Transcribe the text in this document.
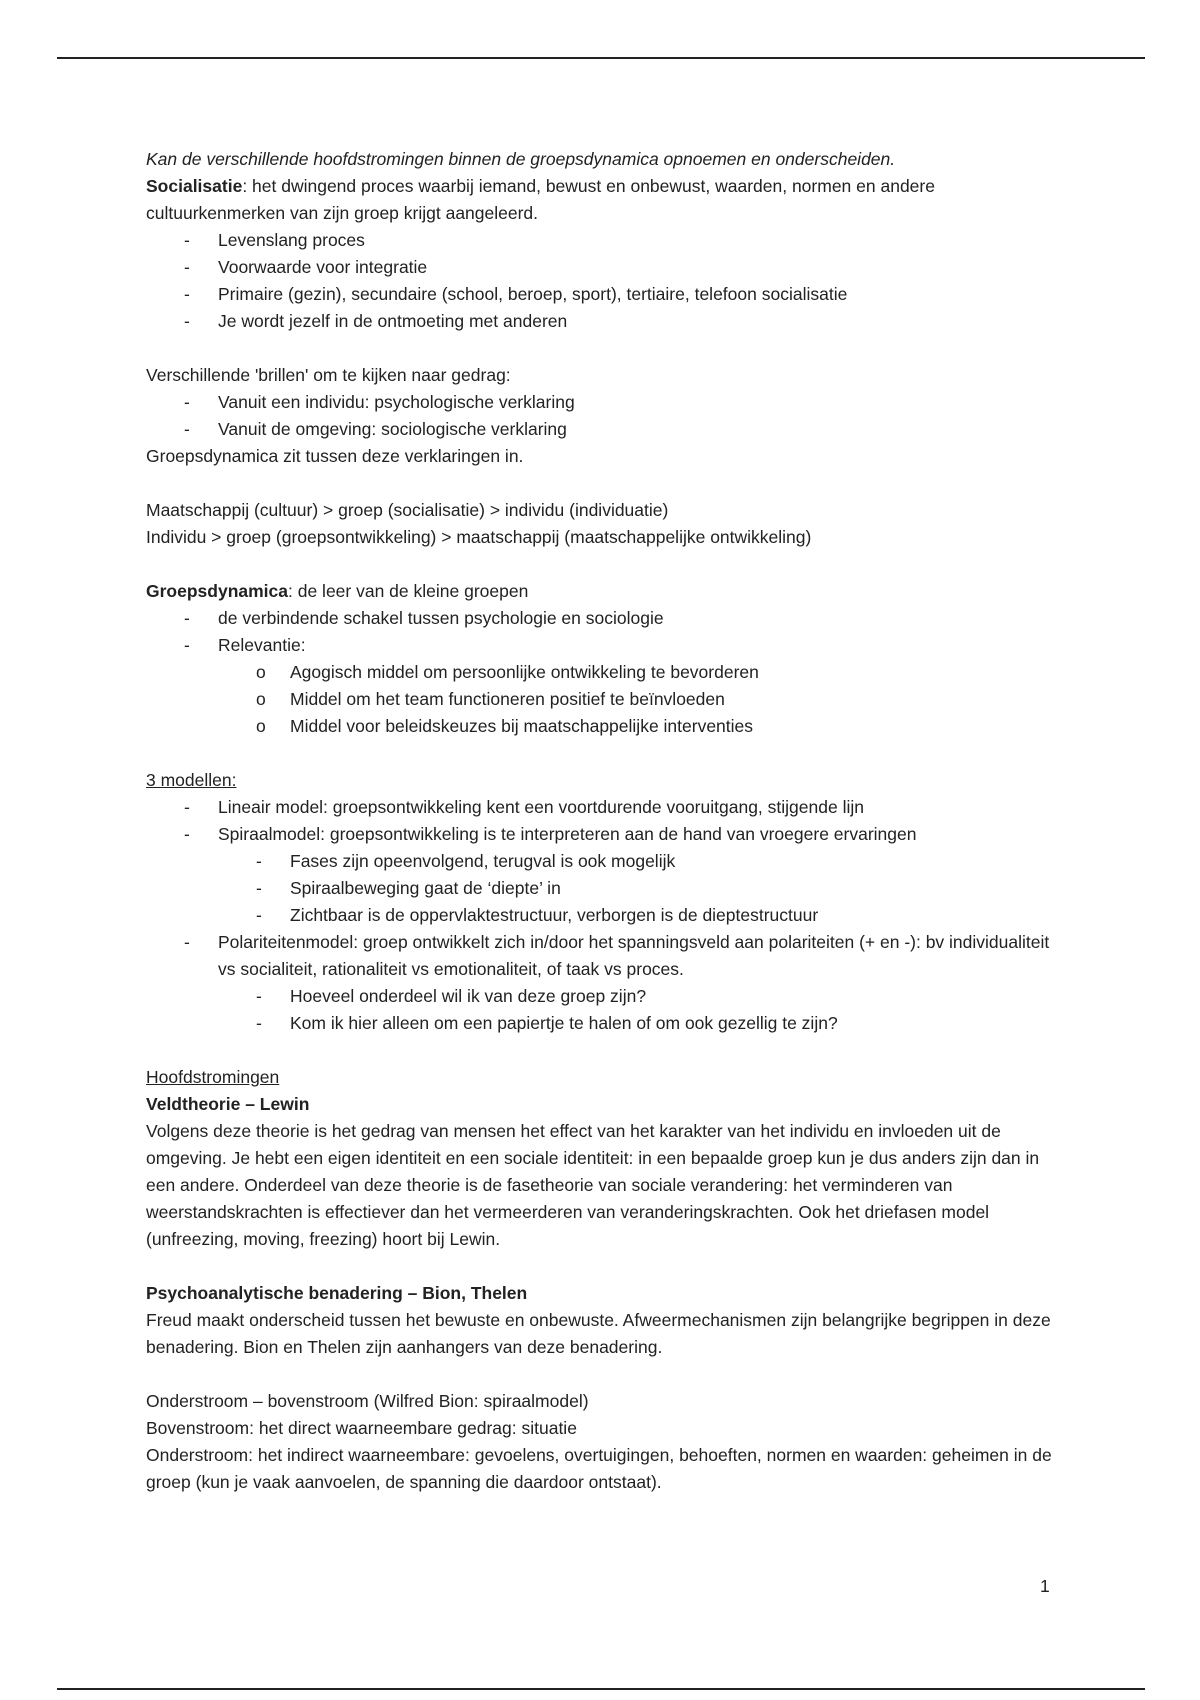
Kan de verschillende hoofdstromingen binnen de groepsdynamica opnoemen en onderscheiden.

Socialisatie: het dwingend proces waarbij iemand, bewust en onbewust, waarden, normen en andere cultuurkenmerken van zijn groep krijgt aangeleerd.

- Levenslang proces
- Voorwaarde voor integratie
- Primaire (gezin), secundaire (school, beroep, sport), tertiaire, telefoon socialisatie
- Je wordt jezelf in de ontmoeting met anderen

Verschillende 'brillen' om te kijken naar gedrag:

- Vanuit een individu: psychologische verklaring
- Vanuit de omgeving: sociologische verklaring

Groepsdynamica zit tussen deze verklaringen in.

Maatschappij (cultuur) > groep (socialisatie) > individu (individuatie)

Individu > groep (groepsontwikkeling) > maatschappij (maatschappelijke ontwikkeling)

Groepsdynamica: de leer van de kleine groepen

- de verbindende schakel tussen psychologie en sociologie
- Relevantie:
o Agogisch middel om persoonlijke ontwikkeling te bevorderen
o Middel om het team functioneren positief te beïnvloeden
o Middel voor beleidskeuzes bij maatschappelijke interventies

3 modellen:

- Lineair model: groepsontwikkeling kent een voortdurende vooruitgang, stijgende lijn
- Spiraalmodel: groepsontwikkeling is te interpreteren aan de hand van vroegere ervaringen
- Fases zijn opeenvolgend, terugval is ook mogelijk
- Spiraalbeweging gaat de ‘diepte’ in
- Zichtbaar is de oppervlaktestructuur, verborgen is de dieptestructuur
- Polariteitenmodel: groep ontwikkelt zich in/door het spanningsveld aan polariteiten (+ en -): bv individualiteit vs socialiteit, rationaliteit vs emotionaliteit, of taak vs proces.
- Hoeveel onderdeel wil ik van deze groep zijn?
- Kom ik hier alleen om een papiertje te halen of om ook gezellig te zijn?

Hoofdstromingen

Veldtheorie – Lewin

Volgens deze theorie is het gedrag van mensen het effect van het karakter van het individu en invloeden uit de omgeving. Je hebt een eigen identiteit en een sociale identiteit: in een bepaalde groep kun je dus anders zijn dan in een andere. Onderdeel van deze theorie is de fasetheorie van sociale verandering: het verminderen van weerstandskrachten is effectiever dan het vermeerderen van veranderingskrachten. Ook het driefasen model (unfreezing, moving, freezing) hoort bij Lewin.

Psychoanalytische benadering – Bion, Thelen

Freud maakt onderscheid tussen het bewuste en onbewuste. Afweermechanismen zijn belangrijke begrippen in deze benadering. Bion en Thelen zijn aanhangers van deze benadering.

Onderstroom – bovenstroom (Wilfred Bion: spiraalmodel)

Bovenstroom: het direct waarneembare gedrag: situatie

Onderstroom: het indirect waarneembare: gevoelens, overtuigingen, behoeften, normen en waarden: geheimen in de groep (kun je vaak aanvoelen, de spanning die daardoor ontstaat).

1
